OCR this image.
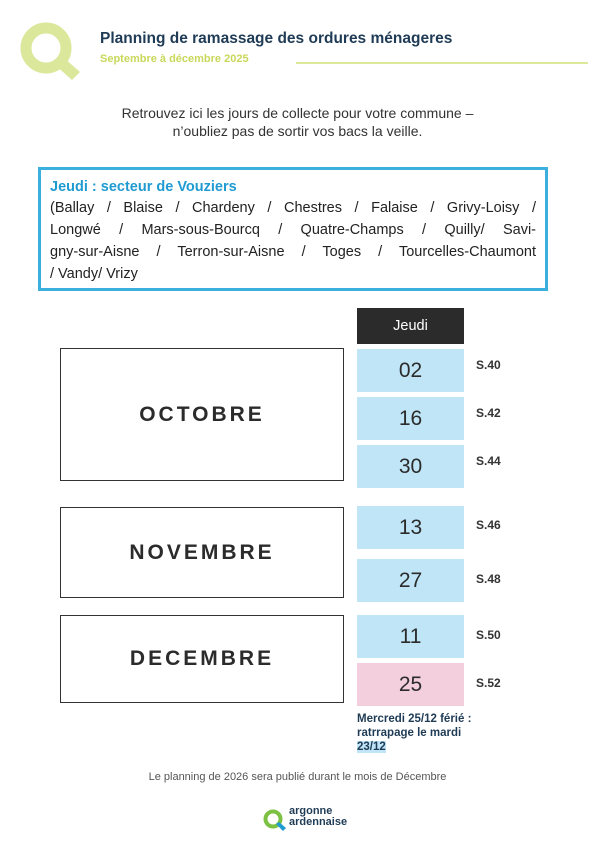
Planning de ramassage des ordures ménageres
Septembre à décembre 2025
Retrouvez ici les jours de collecte pour votre commune –
n’oubliez pas de sortir vos bacs la veille.
Jeudi : secteur de Vouziers
(Ballay / Blaise / Chardeny / Chestres / Falaise / Grivy-Loisy /
Longwé / Mars-sous-Bourcq / Quatre-Champs / Quilly/ Savi-
gny-sur-Aisne / Terron-sur-Aisne / Toges / Tourcelles-Chaumont
/ Vandy/ Vrizy
Jeudi
OCTOBRE
02	S.40
16	S.42
30	S.44
NOVEMBRE
13	S.46
27	S.48
DECEMBRE
11	S.50
25	S.52
Mercredi 25/12 férié :
ratrrapage le mardi
23/12
Le planning de 2026 sera publié durant le mois de Décembre
argonne
ardennaise
